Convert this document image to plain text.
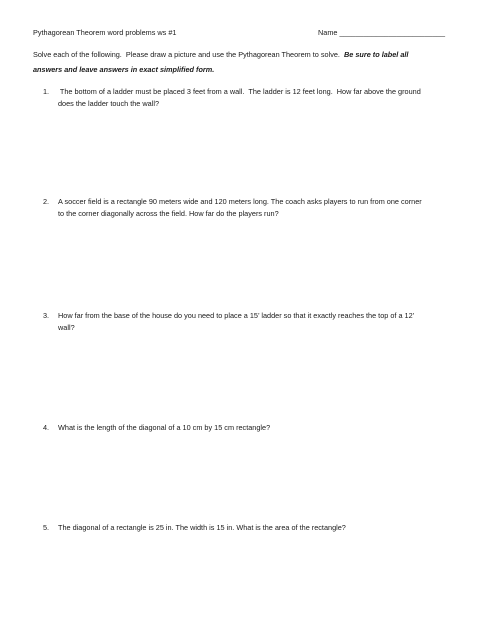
Pythagorean Theorem word problems ws #1	Name __________________________
Solve each of the following.  Please draw a picture and use the Pythagorean Theorem to solve.  Be sure to label all
answers and leave answers in exact simplified form.
1. The bottom of a ladder must be placed 3 feet from a wall.  The ladder is 12 feet long.  How far above the ground
does the ladder touch the wall?
2. A soccer field is a rectangle 90 meters wide and 120 meters long. The coach asks players to run from one corner
to the corner diagonally across the field. How far do the players run?
3. How far from the base of the house do you need to place a 15’ ladder so that it exactly reaches the top of a 12’
wall?
4. What is the length of the diagonal of a 10 cm by 15 cm rectangle?
5. The diagonal of a rectangle is 25 in. The width is 15 in. What is the area of the rectangle?
